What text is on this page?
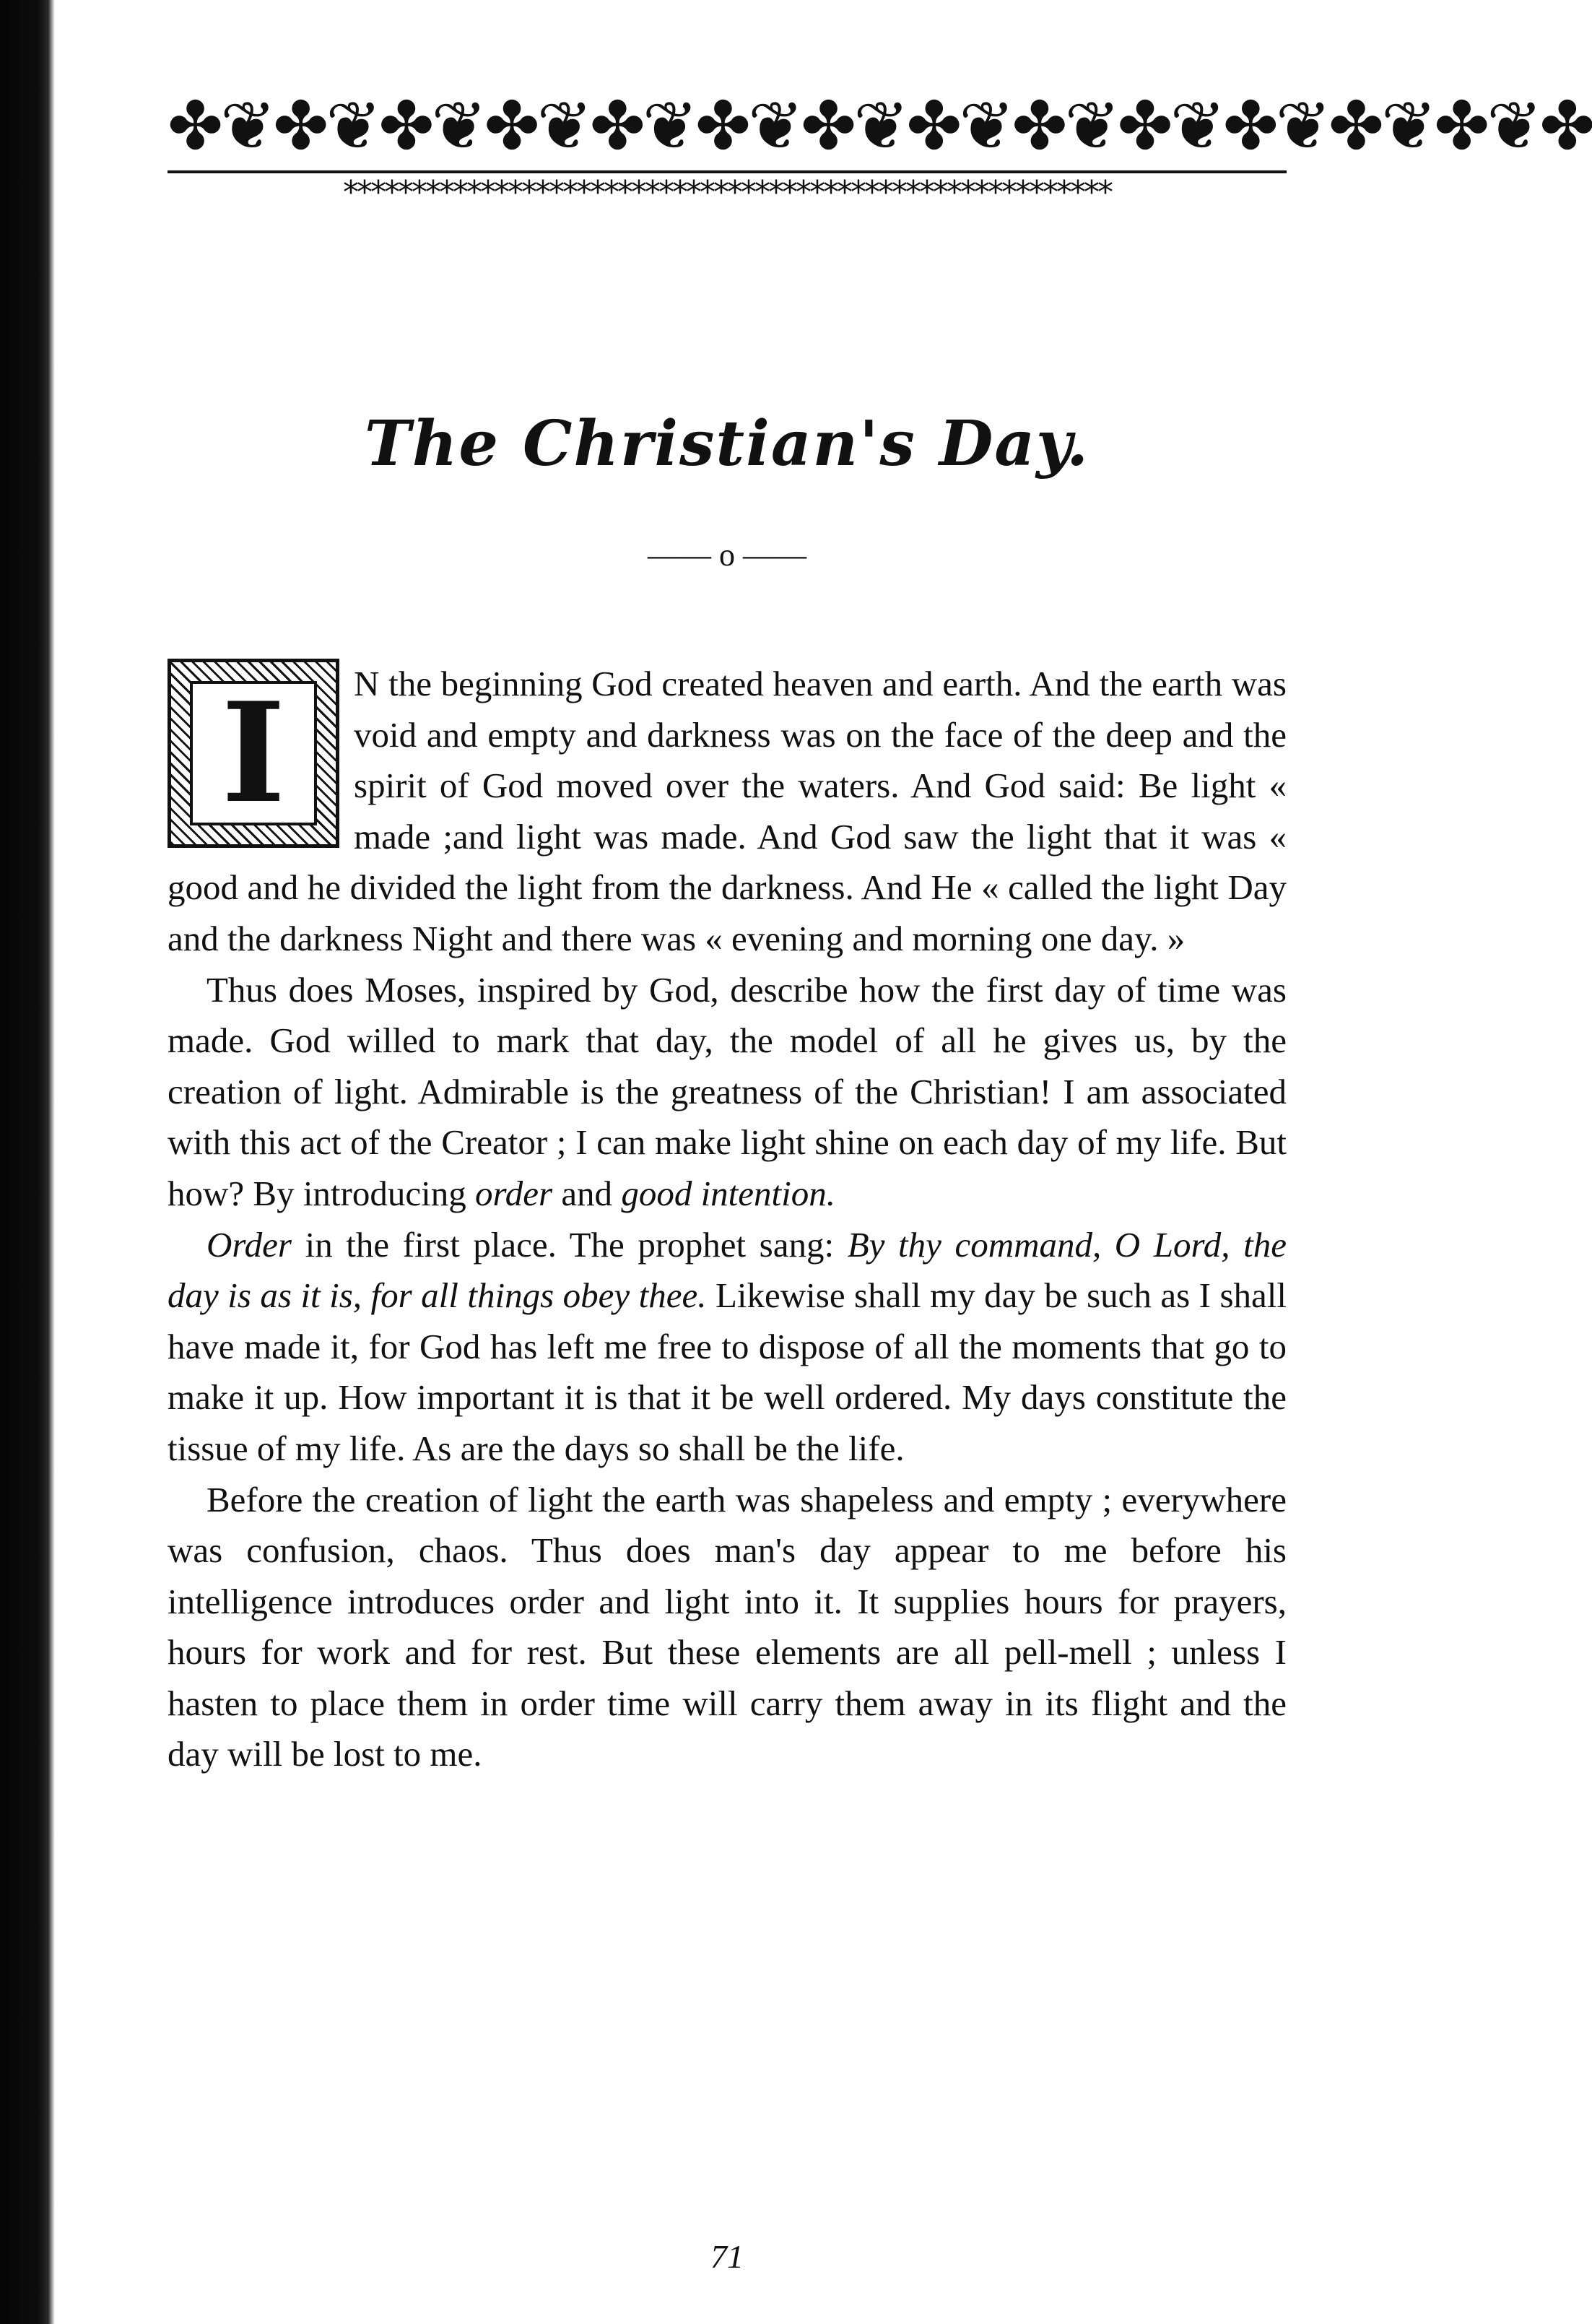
✤❦✤❦✤❦✤❦✤❦✤❦✤❦✤❦✤❦✤❦✤❦✤❦✤❦✤
********************************************************
The Christian's Day.
—— o ——
I	N the beginning God created heaven and earth. And the earth was void and empty and darkness was on the face of the deep and the spirit of God moved over the waters. And God said: Be light « made ;and light was made. And God saw the light that it was « good and he divided the light from the darkness. And He « called the light Day and the darkness Night and there was « evening and morning one day. »

Thus does Moses, inspired by God, describe how the first day of time was made. God willed to mark that day, the model of all he gives us, by the creation of light. Admirable is the greatness of the Christian! I am associated with this act of the Creator ; I can make light shine on each day of my life. But how? By introducing order and good intention.

Order in the first place. The prophet sang: By thy command, O Lord, the day is as it is, for all things obey thee. Likewise shall my day be such as I shall have made it, for God has left me free to dispose of all the moments that go to make it up. How important it is that it be well ordered. My days constitute the tissue of my life. As are the days so shall be the life.

Before the creation of light the earth was shapeless and empty ; everywhere was confusion, chaos. Thus does man's day appear to me before his intelligence introduces order and light into it. It supplies hours for prayers, hours for work and for rest. But these elements are all pell-mell ; unless I hasten to place them in order time will carry them away in its flight and the day will be lost to me.

71
